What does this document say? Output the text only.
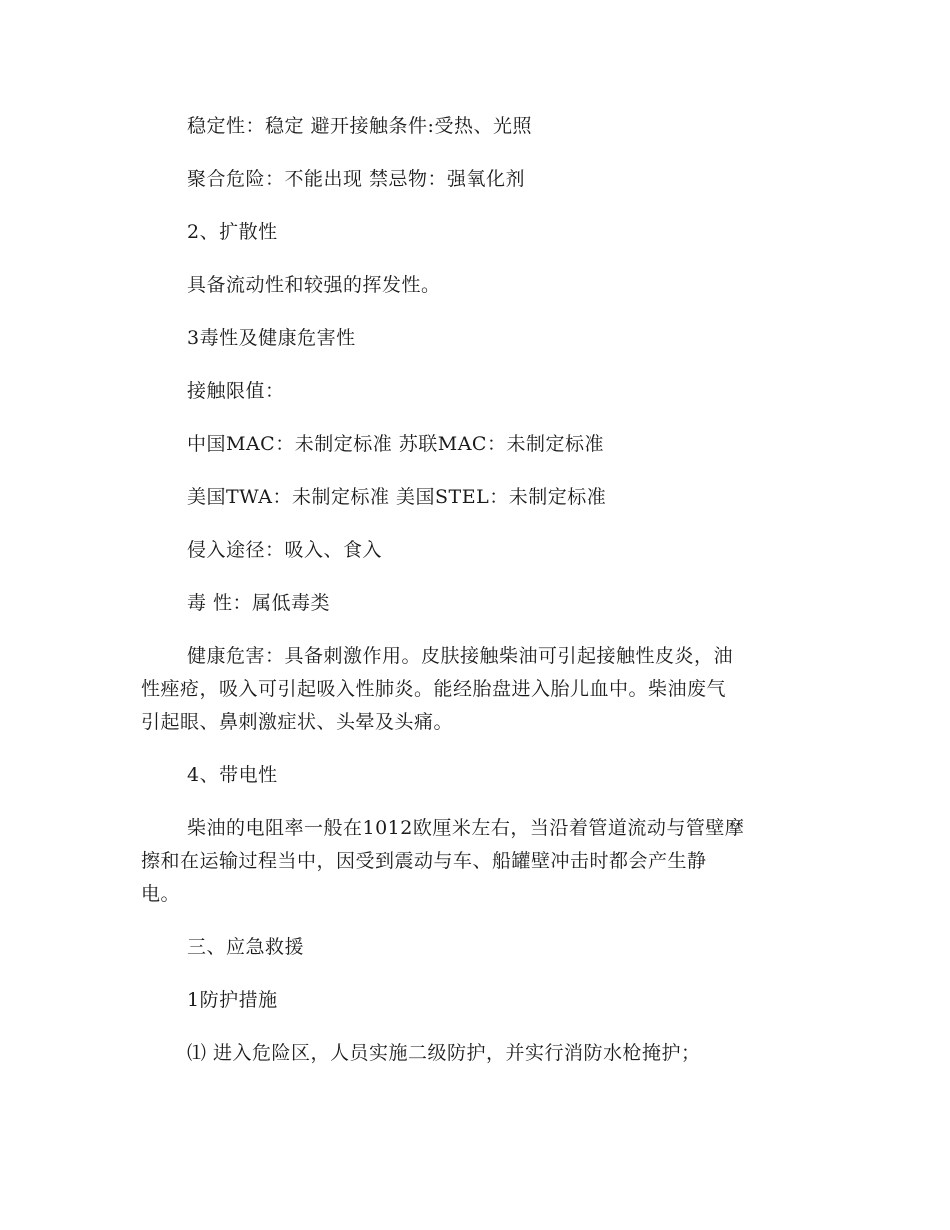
稳定性：稳定 避开接触条件:受热、光照
聚合危险：不能出现 禁忌物：强氧化剂
2、扩散性
具备流动性和较强的挥发性。
3毒性及健康危害性
接触限值：
中国MAC：未制定标准 苏联MAC：未制定标准
美国TWA：未制定标准 美国STEL：未制定标准
侵入途径：吸入、食入
毒 性：属低毒类
健康危害：具备刺激作用。皮肤接触柴油可引起接触性皮炎，油
性痤疮，吸入可引起吸入性肺炎。能经胎盘进入胎儿血中。柴油废气
引起眼、鼻刺激症状、头晕及头痛。
4、带电性
柴油的电阻率一般在1012欧厘米左右，当沿着管道流动与管壁摩
擦和在运输过程当中，因受到震动与车、船罐壁冲击时都会产生静
电。
三、应急救援
1防护措施
⑴ 进入危险区，人员实施二级防护，并实行消防水枪掩护；
